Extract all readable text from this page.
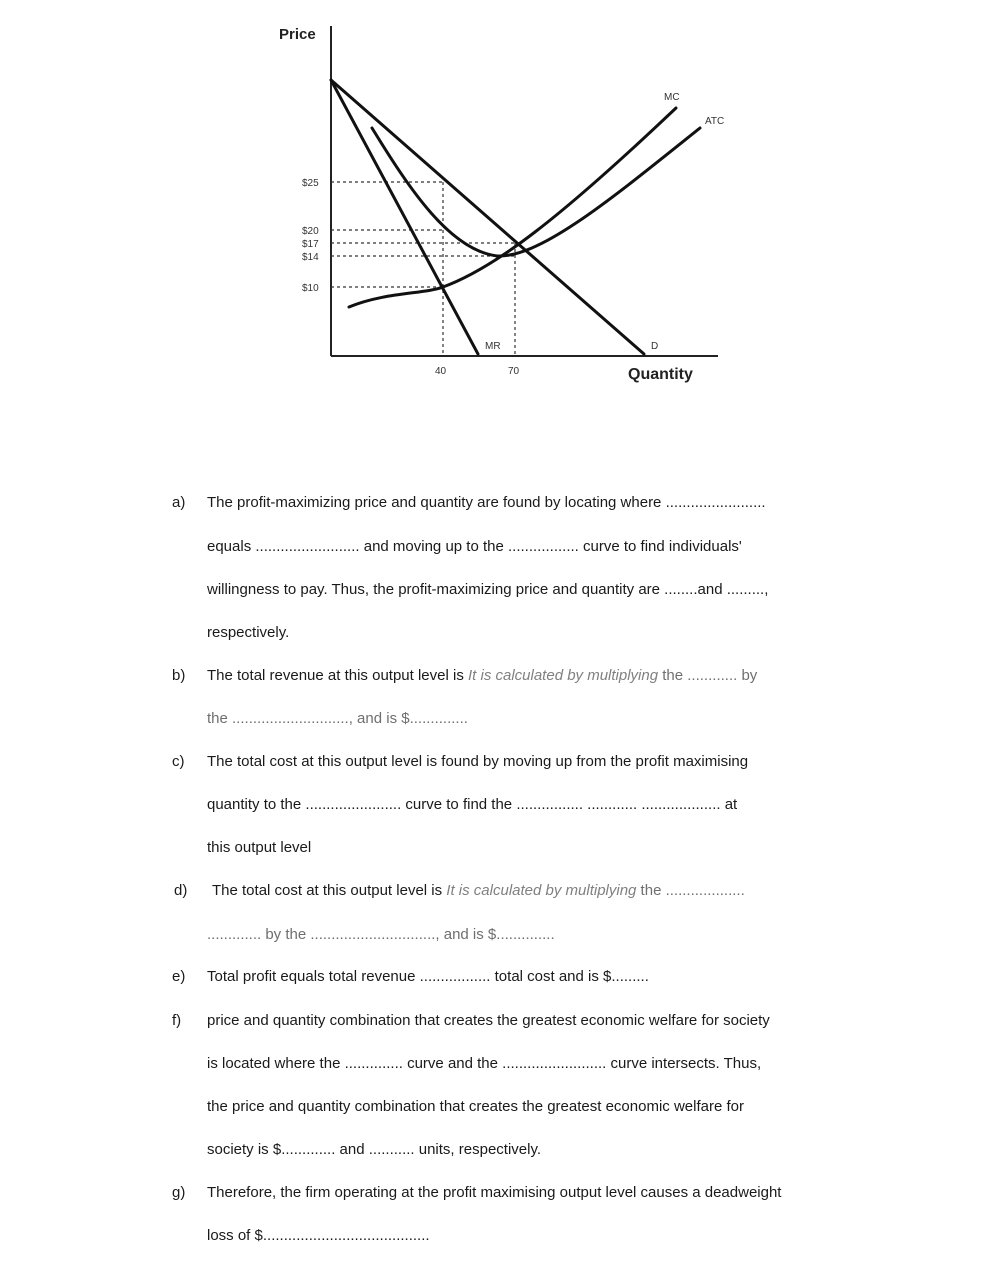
Price
Quantity
$25
$20
$17
$14
$10
40	70
MC
ATC
MR	D
a) The profit-maximizing price and quantity are found by locating where ........................
equals ......................... and moving up to the ................. curve to find individuals'
willingness to pay. Thus, the profit-maximizing price and quantity are ........and .........,
respectively.
b) The total revenue at this output level is It is calculated by multiplying the ............ by
the ............................, and is $..............
c) The total cost at this output level is found by moving up from the profit maximising
quantity to the ....................... curve to find the ................ ............ ................... at
this output level
d) The total cost at this output level is It is calculated by multiplying the ...................
............. by the .............................., and is $..............
e) Total profit equals total revenue ................. total cost and is $.........
f) price and quantity combination that creates the greatest economic welfare for society
is located where the .............. curve and the ......................... curve intersects. Thus,
the price and quantity combination that creates the greatest economic welfare for
society is $............. and ........... units, respectively.
g) Therefore, the firm operating at the profit maximising output level causes a deadweight
loss of $........................................
